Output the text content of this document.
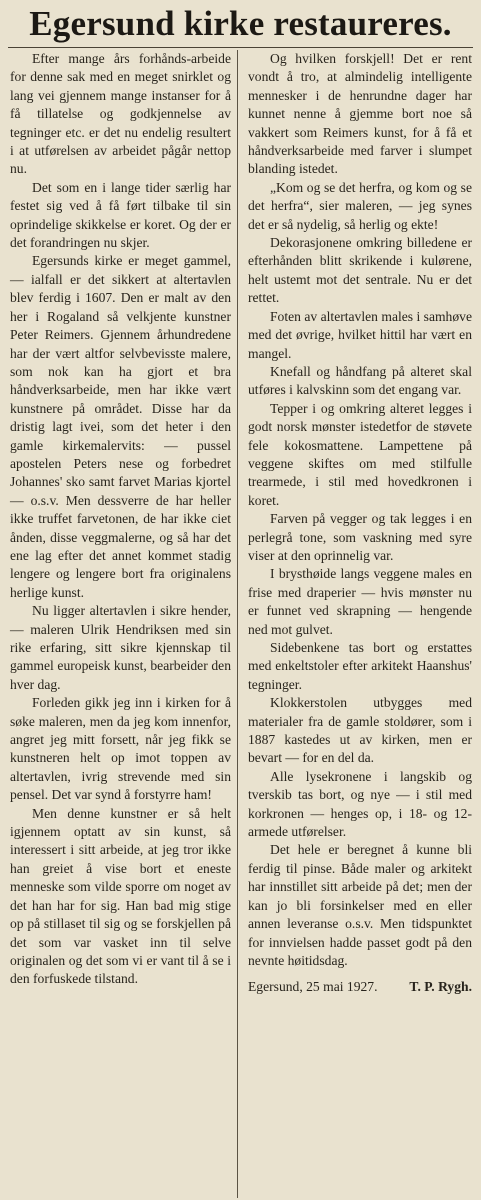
Egersund kirke restaureres.

Efter mange års forhånds-arbeide for denne sak med en meget snirklet og lang vei gjennem mange instanser for å få tillatelse og godkjennelse av tegninger etc. er det nu endelig resultert i at utførelsen av arbeidet pågår nettop nu.

Det som en i lange tider særlig har festet sig ved å få ført tilbake til sin oprindelige skikkelse er koret. Og der er det forandringen nu skjer.

Egersunds kirke er meget gammel, — ialfall er det sikkert at altertavlen blev ferdig i 1607. Den er malt av den her i Rogaland så velkjente kunstner Peter Reimers. Gjennem århundredene har der vært altfor selvbevisste malere, som nok kan ha gjort et bra håndverksarbeide, men har ikke vært kunstnere på området. Disse har da dristig lagt ivei, som det heter i den gamle kirkemalervits: — pussel apostelen Peters nese og forbedret Johannes' sko samt farvet Marias kjortel — o.s.v. Men dessverre de har heller ikke truffet farvetonen, de har ikke ciet ånden, disse veggmalerne, og så har det ene lag efter det annet kommet stadig lengere og lengere bort fra originalens herlige kunst.

Nu ligger altertavlen i sikre hender, — maleren Ulrik Hendriksen med sin rike erfaring, sitt sikre kjennskap til gammel europeisk kunst, bearbeider den hver dag.

Forleden gikk jeg inn i kirken for å søke maleren, men da jeg kom innenfor, angret jeg mitt forsett, når jeg fikk se kunstneren helt op imot toppen av altertavlen, ivrig strevende med sin pensel. Det var synd å forstyrre ham!

Men denne kunstner er så helt igjennem optatt av sin kunst, så interessert i sitt arbeide, at jeg tror ikke han greiet å vise bort et eneste menneske som vilde sporre om noget av det han har for sig. Han bad mig stige op på stillaset til sig og se forskjellen på det som var vasket inn til selve originalen og det som vi er vant til å se i den forfuskede tilstand.

Og hvilken forskjell! Det er rent vondt å tro, at almindelig intelligente mennesker i de henrundne dager har kunnet nenne å gjemme bort noe så vakkert som Reimers kunst, for å få et håndverksarbeide med farver i slumpet blanding istedet.

„Kom og se det herfra, og kom og se det herfra“, sier maleren, — jeg synes det er så nydelig, så herlig og ekte!

Dekorasjonene omkring billedene er efterhånden blitt skrikende i kulørene, helt ustemt mot det sentrale. Nu er det rettet.

Foten av altertavlen males i samhøve med det øvrige, hvilket hittil har vært en mangel.

Knefall og håndfang på alteret skal utføres i kalvskinn som det engang var.

Tepper i og omkring alteret legges i godt norsk mønster istedetfor de støvete fele kokosmattene. Lampettene på veggene skiftes om med stilfulle trearmede, i stil med hovedkronen i koret.

Farven på vegger og tak legges i en perlegrå tone, som vaskning med syre viser at den oprinnelig var.

I brysthøide langs veggene males en frise med draperier — hvis mønster nu er funnet ved skrapning — hengende ned mot gulvet.

Sidebenkene tas bort og erstattes med enkeltstoler efter arkitekt Haanshus' tegninger.

Klokkerstolen utbygges med materialer fra de gamle stoldører, som i 1887 kastedes ut av kirken, men er bevart — for en del da.

Alle lysekronene i langskib og tverskib tas bort, og nye — i stil med korkronen — henges op, i 18- og 12-armede utførelser.

Det hele er beregnet å kunne bli ferdig til pinse. Både maler og arkitekt har innstillet sitt arbeide på det; men der kan jo bli forsinkelser med en eller annen leveranse o.s.v. Men tidspunktet for innvielsen hadde passet godt på den nevnte høitidsdag.

Egersund, 25 mai 1927. T. P. Rygh.
